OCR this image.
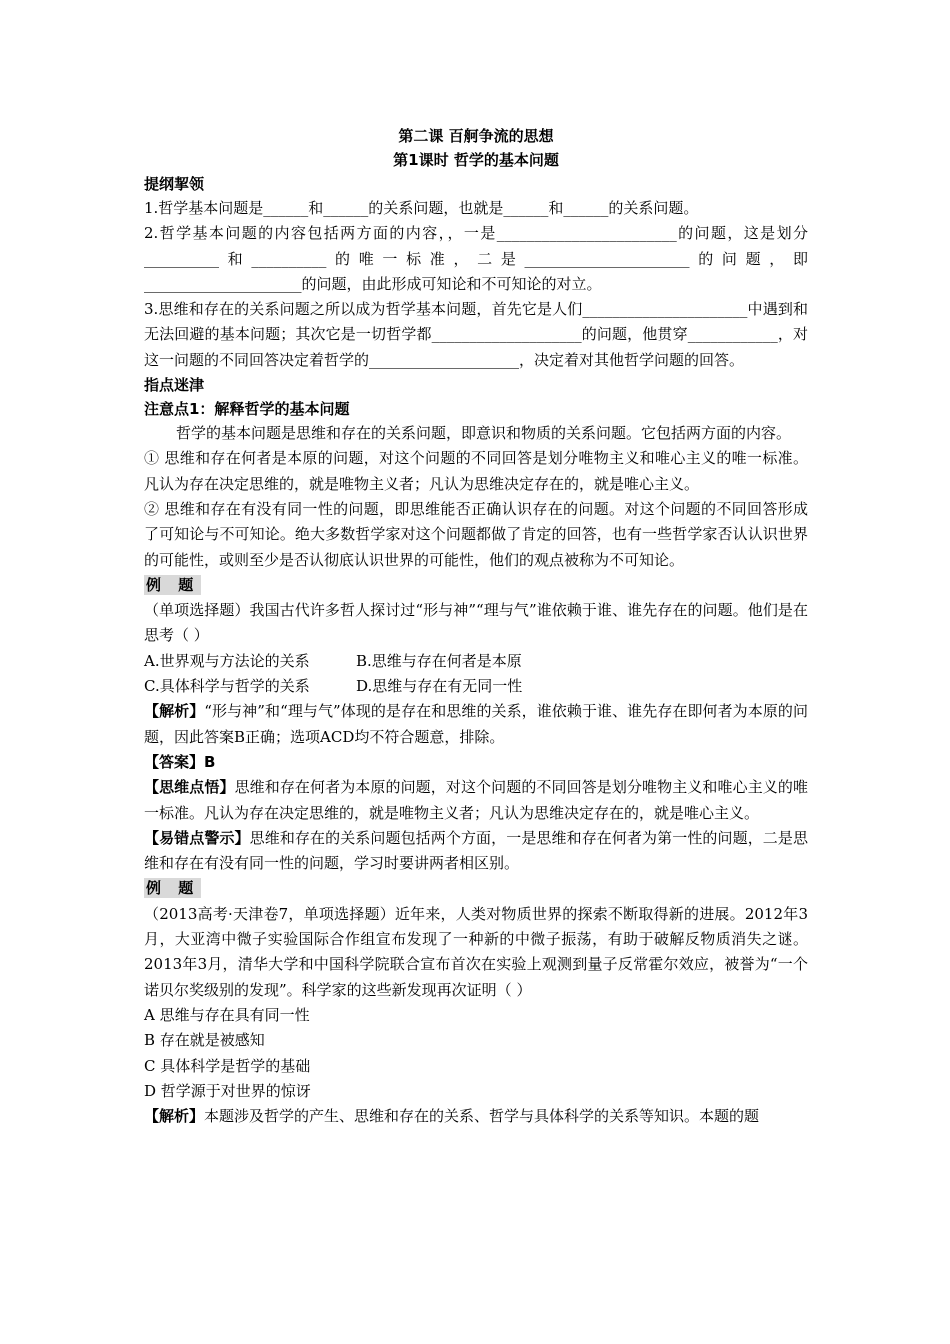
第二课 百舸争流的思想
第1课时 哲学的基本问题
提纲挈领

1.哲学基本问题是______和______的关系问题，也就是______和______的关系问题。

2.哲学基本问题的内容包括两方面的内容，，一是________________________的问题，这是划分__________和__________的唯一标准，二是______________________的问题，即_____________________的问题，由此形成可知论和不可知论的对立。

3.思维和存在的关系问题之所以成为哲学基本问题，首先它是人们______________________中遇到和无法回避的基本问题；其次它是一切哲学都____________________的问题，他贯穿____________，对这一问题的不同回答决定着哲学的____________________，决定着对其他哲学问题的回答。

指点迷津
注意点1：解释哲学的基本问题

哲学的基本问题是思维和存在的关系问题，即意识和物质的关系问题。它包括两方面的内容。

① 思维和存在何者是本原的问题，对这个问题的不同回答是划分唯物主义和唯心主义的唯一标准。凡认为存在决定思维的，就是唯物主义者；凡认为思维决定存在的，就是唯心主义。

② 思维和存在有没有同一性的问题，即思维能否正确认识存在的问题。对这个问题的不同回答形成了可知论与不可知论。绝大多数哲学家对这个问题都做了肯定的回答，也有一些哲学家否认认识世界的可能性，或则至少是否认彻底认识世界的可能性，他们的观点被称为不可知论。

例 题

（单项选择题）我国古代许多哲人探讨过“形与神”“理与气”谁依赖于谁、谁先存在的问题。他们是在思考（ ）

A.世界观与方法论的关系	B.思维与存在何者是本原
C.具体科学与哲学的关系	D.思维与存在有无同一性

【解析】“形与神”和“理与气”体现的是存在和思维的关系，谁依赖于谁、谁先存在即何者为本原的问题，因此答案B正确；选项ACD均不符合题意，排除。

【答案】B

【思维点悟】思维和存在何者为本原的问题，对这个问题的不同回答是划分唯物主义和唯心主义的唯一标准。凡认为存在决定思维的，就是唯物主义者；凡认为思维决定存在的，就是唯心主义。

【易错点警示】思维和存在的关系问题包括两个方面，一是思维和存在何者为第一性的问题，二是思维和存在有没有同一性的问题，学习时要讲两者相区别。

例 题

（2013高考·天津卷7，单项选择题）近年来，人类对物质世界的探索不断取得新的进展。2012年3月，大亚湾中微子实验国际合作组宣布发现了一种新的中微子振荡，有助于破解反物质消失之谜。2013年3月，清华大学和中国科学院联合宣布首次在实验上观测到量子反常霍尔效应，被誉为“一个诺贝尔奖级别的发现”。科学家的这些新发现再次证明（ ）

A 思维与存在具有同一性

B 存在就是被感知

C 具体科学是哲学的基础

D 哲学源于对世界的惊讶

【解析】本题涉及哲学的产生、思维和存在的关系、哲学与具体科学的关系等知识。本题的题
